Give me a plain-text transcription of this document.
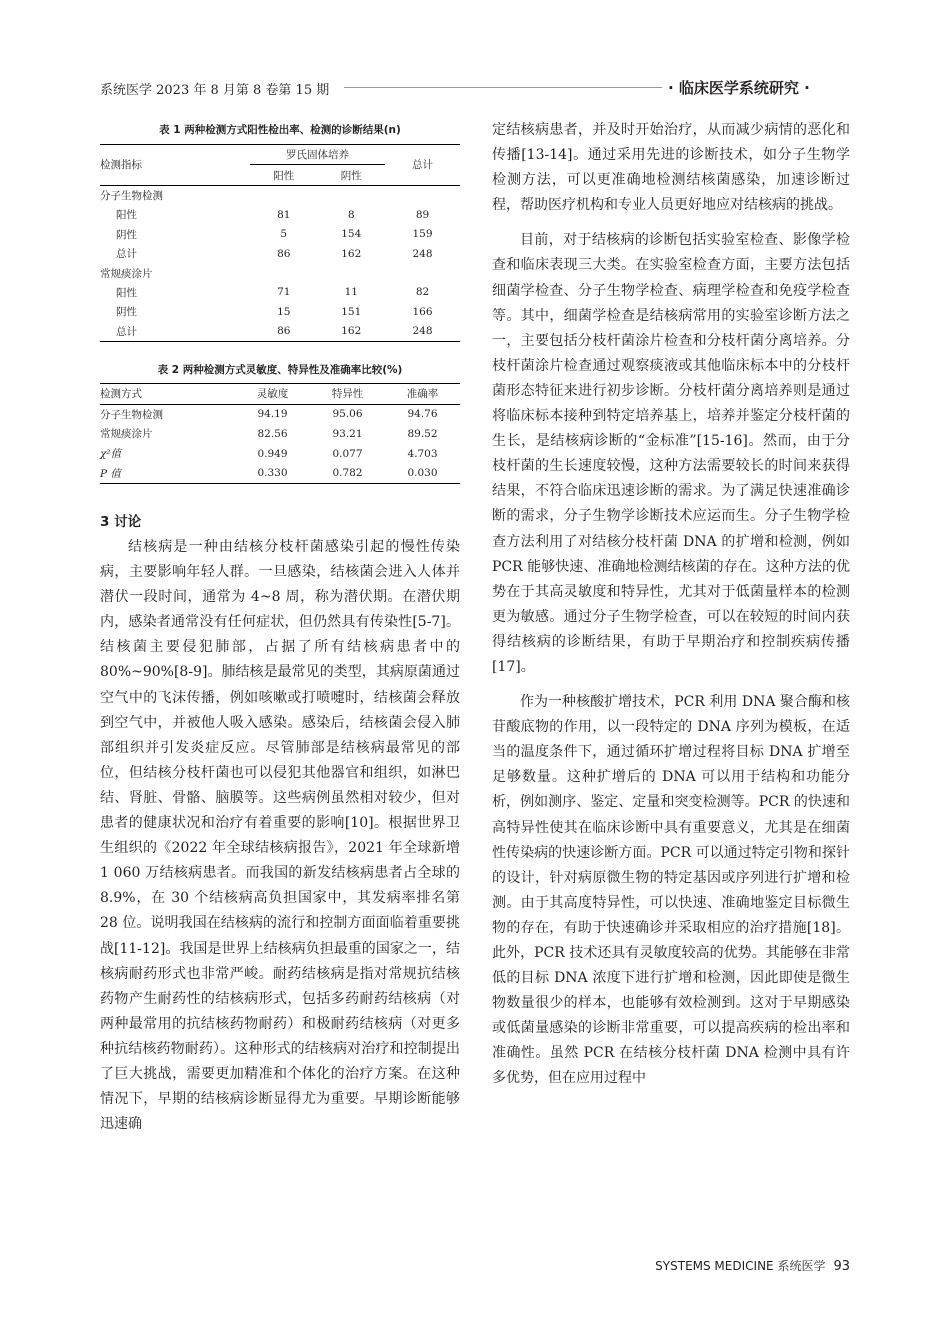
系统医学 2023 年 8 月第 8 卷第 15 期	· 临床医学系统研究 ·
表 1 两种检测方式阳性检出率、检测的诊断结果(n)
检测指标	罗氏固体培养		总计
	阳性	阴性	
分子生物检测			
阳性	81	8	89
阴性	5	154	159
总计	86	162	248
常规痰涂片			
阳性	71	11	82
阴性	15	151	166
总计	86	162	248
表 2 两种检测方式灵敏度、特异性及准确率比较(%)
检测方式	灵敏度	特异性	准确率
分子生物检测	94.19	95.06	94.76
常规痰涂片	82.56	93.21	89.52
χ²值	0.949	0.077	4.703
P 值	0.330	0.782	0.030
3 讨论

结核病是一种由结核分枝杆菌感染引起的慢性传染病，主要影响年轻人群。一旦感染，结核菌会进入人体并潜伏一段时间，通常为 4~8 周，称为潜伏期。在潜伏期内，感染者通常没有任何症状，但仍然具有传染性[5-7]。结核菌主要侵犯肺部，占据了所有结核病患者中的 80%~90%[8-9]。肺结核是最常见的类型，其病原菌通过空气中的飞沫传播，例如咳嗽或打喷嚏时，结核菌会释放到空气中，并被他人吸入感染。感染后，结核菌会侵入肺部组织并引发炎症反应。尽管肺部是结核病最常见的部位，但结核分枝杆菌也可以侵犯其他器官和组织，如淋巴结、肾脏、骨骼、脑膜等。这些病例虽然相对较少，但对患者的健康状况和治疗有着重要的影响[10]。根据世界卫生组织的《2022 年全球结核病报告》，2021 年全球新增 1 060 万结核病患者。而我国的新发结核病患者占全球的 8.9%，在 30 个结核病高负担国家中，其发病率排名第 28 位。说明我国在结核病的流行和控制方面面临着重要挑战[11-12]。我国是世界上结核病负担最重的国家之一，结核病耐药形式也非常严峻。耐药结核病是指对常规抗结核药物产生耐药性的结核病形式，包括多药耐药结核病（对两种最常用的抗结核药物耐药）和极耐药结核病（对更多种抗结核药物耐药）。这种形式的结核病对治疗和控制提出了巨大挑战，需要更加精准和个体化的治疗方案。在这种情况下，早期的结核病诊断显得尤为重要。早期诊断能够迅速确

定结核病患者，并及时开始治疗，从而减少病情的恶化和传播[13-14]。通过采用先进的诊断技术，如分子生物学检测方法，可以更准确地检测结核菌感染，加速诊断过程，帮助医疗机构和专业人员更好地应对结核病的挑战。

目前，对于结核病的诊断包括实验室检查、影像学检查和临床表现三大类。在实验室检查方面，主要方法包括细菌学检查、分子生物学检查、病理学检查和免疫学检查等。其中，细菌学检查是结核病常用的实验室诊断方法之一，主要包括分枝杆菌涂片检查和分枝杆菌分离培养。分枝杆菌涂片检查通过观察痰液或其他临床标本中的分枝杆菌形态特征来进行初步诊断。分枝杆菌分离培养则是通过将临床标本接种到特定培养基上，培养并鉴定分枝杆菌的生长，是结核病诊断的“金标准”[15-16]。然而，由于分枝杆菌的生长速度较慢，这种方法需要较长的时间来获得结果，不符合临床迅速诊断的需求。为了满足快速准确诊断的需求，分子生物学诊断技术应运而生。分子生物学检查方法利用了对结核分枝杆菌 DNA 的扩增和检测，例如 PCR 能够快速、准确地检测结核菌的存在。这种方法的优势在于其高灵敏度和特异性，尤其对于低菌量样本的检测更为敏感。通过分子生物学检查，可以在较短的时间内获得结核病的诊断结果，有助于早期治疗和控制疾病传播[17]。

作为一种核酸扩增技术，PCR 利用 DNA 聚合酶和核苷酸底物的作用，以一段特定的 DNA 序列为模板，在适当的温度条件下，通过循环扩增过程将目标 DNA 扩增至足够数量。这种扩增后的 DNA 可以用于结构和功能分析，例如测序、鉴定、定量和突变检测等。PCR 的快速和高特异性使其在临床诊断中具有重要意义，尤其是在细菌性传染病的快速诊断方面。PCR 可以通过特定引物和探针的设计，针对病原微生物的特定基因或序列进行扩增和检测。由于其高度特异性，可以快速、准确地鉴定目标微生物的存在，有助于快速确诊并采取相应的治疗措施[18]。此外，PCR 技术还具有灵敏度较高的优势。其能够在非常低的目标 DNA 浓度下进行扩增和检测，因此即使是微生物数量很少的样本，也能够有效检测到。这对于早期感染或低菌量感染的诊断非常重要，可以提高疾病的检出率和准确性。虽然 PCR 在结核分枝杆菌 DNA 检测中具有许多优势，但在应用过程中

SYSTEMS MEDICINE 系统医学 93
